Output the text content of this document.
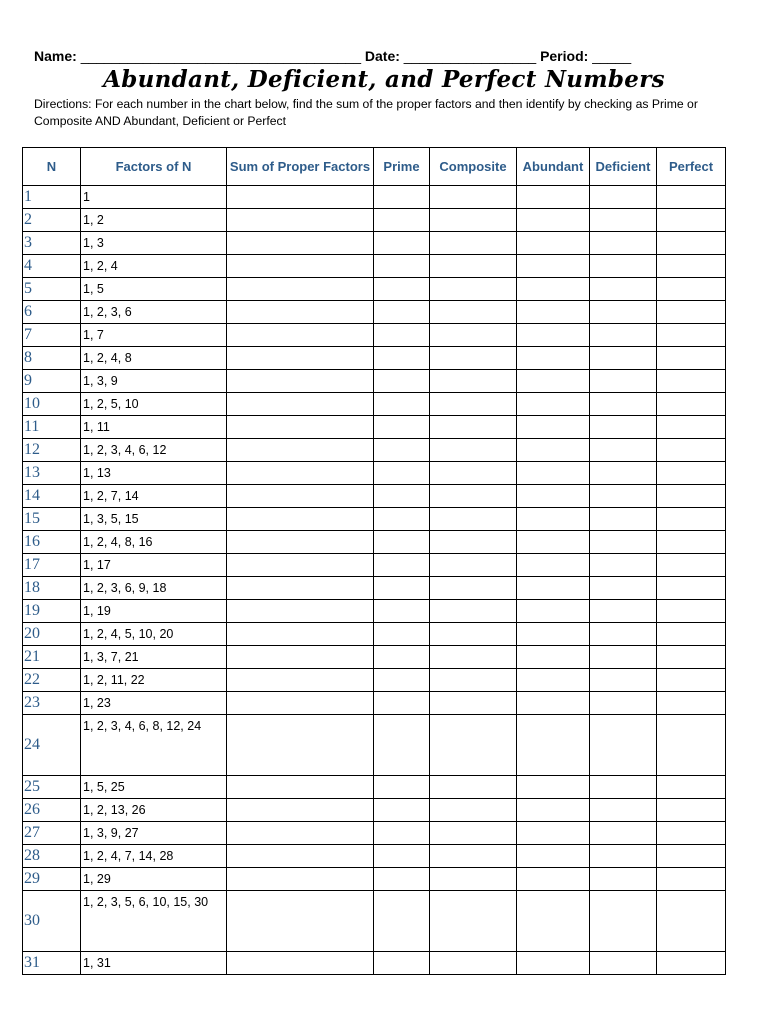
Name: ____________________________________ Date: _________________ Period: _____
Abundant, Deficient, and Perfect Numbers
Directions: For each number in the chart below, find the sum of the proper factors and then identify by checking as Prime or Composite AND Abundant, Deficient or Perfect
N	Factors of N	Sum of Proper Factors	Prime	Composite	Abundant	Deficient	Perfect
1	1						
2	1, 2						
3	1, 3						
4	1, 2, 4						
5	1, 5						
6	1, 2, 3, 6						
7	1, 7						
8	1, 2, 4, 8						
9	1, 3, 9						
10	1, 2, 5, 10						
11	1, 11						
12	1, 2, 3, 4, 6, 12						
13	1, 13						
14	1, 2, 7, 14						
15	1, 3, 5, 15						
16	1, 2, 4, 8, 16						
17	1, 17						
18	1, 2, 3, 6, 9, 18						
19	1, 19						
20	1, 2, 4, 5, 10, 20						
21	1, 3, 7, 21						
22	1, 2, 11, 22						
23	1, 23						
24	1, 2, 3, 4, 6, 8, 12, 24						
25	1, 5, 25						
26	1, 2, 13, 26						
27	1, 3, 9, 27						
28	1, 2, 4, 7, 14, 28						
29	1, 29						
30	1, 2, 3, 5, 6, 10, 15, 30						
31	1, 31						
